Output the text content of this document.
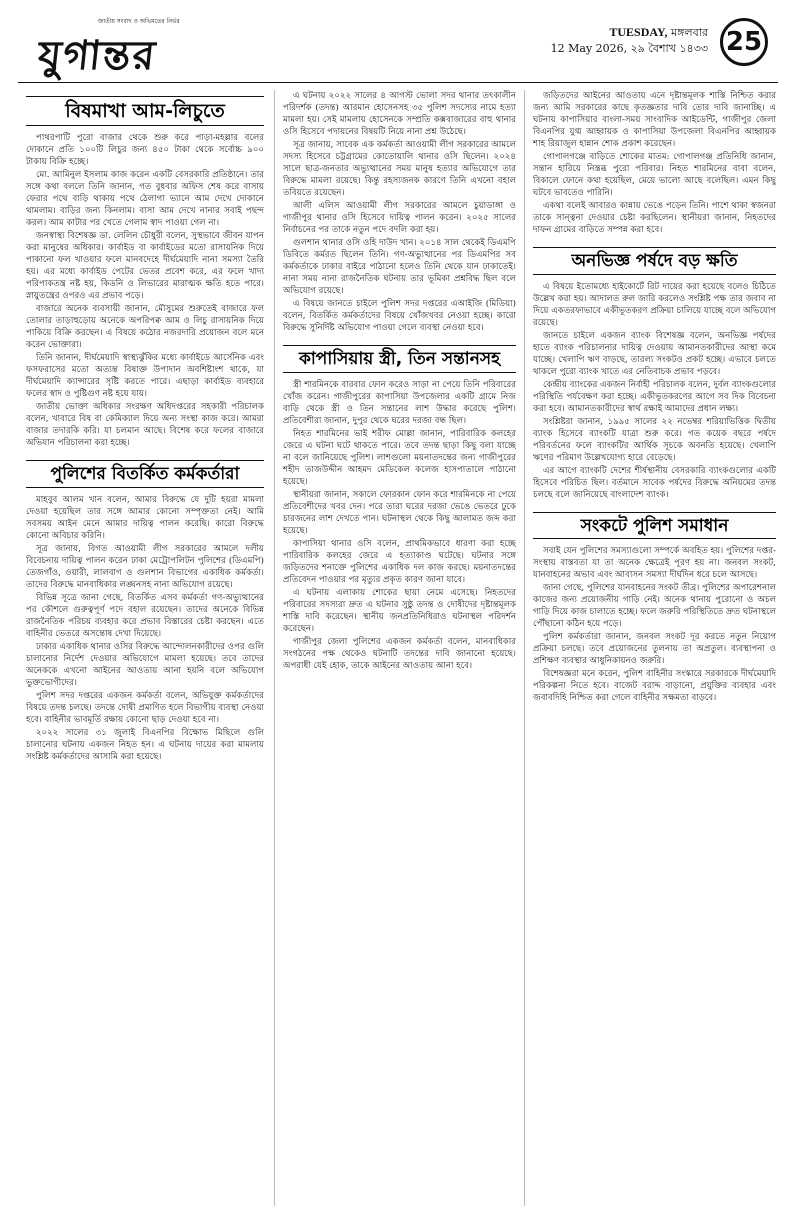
জাতীয় সংবাদ ও অভিমতের নির্ভর
যুগান্তর
TUESDAY, মঙ্গলবার
12 May 2026, ২৯ বৈশাখ ১৪৩৩ 25
বিষমাখা আম-লিচুতে

পাথরপাটি পুরো বাজার থেকে শুরু করে পাড়া-মহল্লার বলের দোকানে প্রতি ১০০টি লিচুর জন্য ৪৫০ টাকা থেকে সর্বোচ্চ ৯০০ টাকায় বিক্রি হচ্ছে।

মো. আমিনুল ইসলাম কাজ করেন একটি বেসরকারি প্রতিষ্ঠানে। তার সঙ্গে কথা বললে তিনি জানান, গত বুধবার অফিস শেষ করে বাসায় ফেরার পথে বাড়ি থাকায় পথে ঠেলাগা ভ্যানে আম দেখে দোকানে থামলাম। বাড়ির জন্য কিনলাম। বাসা আম দেখে নানার সবাই পছন্দ করল। আম কাটার পর খেতে গেলাম স্বাদ পাওয়া গেল না।

জনস্বাস্থ্য বিশেষজ্ঞ ডা. লেলিন চৌধুরী বলেন, সুস্থভাবে জীবন যাপন করা মানুষের অধিকার। কার্বাইড বা কার্বাইডের মতো রাসায়নিক দিয়ে পাকানো ফল খাওয়ার ফলে মানবদেহে দীর্ঘমেয়াদি নানা সমস্যা তৈরি হয়। এর মধ্যে কার্বাইড পেটের ভেতর প্রবেশ করে, এর ফলে খাদ্য পরিপাকতন্ত্র নষ্ট হয়, কিডনি ও লিভারের মারাত্মক ক্ষতি হতে পারে। স্নায়ুতন্ত্রের ওপরও এর প্রভাব পড়ে।

বাজারে অনেক ব্যবসায়ী জানান, মৌসুমের শুরুতেই বাজারে ফল তোলার তাড়াহুড়োয় অনেকে অপরিপক্ব আম ও লিচু রাসায়নিক দিয়ে পাকিয়ে বিক্রি করছেন। এ বিষয়ে কঠোর নজরদারি প্রয়োজন বলে মনে করেন ভোক্তারা।

তিনি জানান, দীর্ঘমেয়াদি স্বাস্থ্যঝুঁকির মধ্যে কার্বাইডে আর্সেনিক এবং ফসফরাসের মতো অত্যন্ত বিষাক্ত উপাদান অবশিষ্টাংশ থাকে, যা দীর্ঘমেয়াদি ক্যান্সারের সৃষ্টি করতে পারে। এছাড়া কার্বাইড ব্যবহারে ফলের স্বাদ ও পুষ্টিগুণ নষ্ট হয়ে যায়।

জাতীয় ভোক্তা অধিকার সংরক্ষণ অধিদপ্তরের সহকারী পরিচালক বলেন, খাবারে বিষ বা কেমিক্যাল দিয়ে অন্য সংস্থা কাজ করে। আমরা বাজার তদারকি করি। যা চলমান আছে। বিশেষ করে ফলের বাজারে অভিযান পরিচালনা করা হচ্ছে।

পুলিশের বিতর্কিত কর্মকর্তারা

মাহবুব আলম খান বলেন, আমার বিরুদ্ধে যে দুটি হয়রা মামলা দেওয়া হয়েছিল তার সঙ্গে আমার কোনো সম্পৃক্ততা নেই। আমি সবসময় আইন মেনে আমার দায়িত্ব পালন করেছি। কারো বিরুদ্ধে কোনো অবিচার করিনি।

সূত্র জানায়, বিগত আওয়ামী লীগ সরকারের আমলে দলীয় বিবেচনায় দায়িত্ব পালন করেন ঢাকা মেট্রোপলিটন পুলিশের (ডিএমপি) তেজগাঁও, ওয়ারী, লালবাগ ও গুলশান বিভাগের একাধিক কর্মকর্তা। তাদের বিরুদ্ধে মানবাধিকার লঙ্ঘনসহ নানা অভিযোগ রয়েছে।

বিভিন্ন সূত্রে জানা গেছে, বিতর্কিত এসব কর্মকর্তা গণ-অভ্যুত্থানের পর কৌশলে গুরুত্বপূর্ণ পদে বহাল রয়েছেন। তাদের অনেকে বিভিন্ন রাজনৈতিক পরিচয় ব্যবহার করে প্রভাব বিস্তারের চেষ্টা করছেন। এতে বাহিনীর ভেতরে অসন্তোষ দেখা দিয়েছে।

ঢাকার একাধিক থানার ওসির বিরুদ্ধে আন্দোলনকারীদের ওপর গুলি চালানোর নির্দেশ দেওয়ার অভিযোগে মামলা হয়েছে। তবে তাদের অনেককে এখনো আইনের আওতায় আনা হয়নি বলে অভিযোগ ভুক্তভোগীদের।

পুলিশ সদর দপ্তরের একজন কর্মকর্তা বলেন, অভিযুক্ত কর্মকর্তাদের বিষয়ে তদন্ত চলছে। তদন্তে দোষী প্রমাণিত হলে বিভাগীয় ব্যবস্থা নেওয়া হবে। বাহিনীর ভাবমূর্তি রক্ষায় কোনো ছাড় দেওয়া হবে না।

২০২২ সালের ৩১ জুলাই বিএনপির বিক্ষোভ মিছিলে গুলি চালানোর ঘটনায় একজন নিহত হন। এ ঘটনায় দায়ের করা মামলায় সংশ্লিষ্ট কর্মকর্তাদের আসামি করা হয়েছে।

এ ঘটনায় ২০২২ সালের ৪ আগস্ট ভোলা সদর থানার তৎকালীন পরিদর্শক (তদন্ত) আরমান হোসেনসহ ৩৫ পুলিশ সদস্যের নামে হত্যা মামলা হয়। সেই মামলায় হোসেনকে সম্প্রতি কক্সবাজারের বাহু থানার ওসি হিসেবে পদায়নের বিষয়টি নিয়ে নানা প্রশ্ন উঠেছে।

সূত্র জানায়, সাবেক এক কর্মকর্তা আওয়ামী লীগ সরকারের আমলে সদস্য হিসেবে চট্টগ্রামের কোতোয়ালি থানার ওসি ছিলেন। ২০২৪ সালে ছাত্র-জনতার অভ্যুত্থানের সময় মানুষ হত্যার অভিযোগে তার বিরুদ্ধে মামলা রয়েছে। কিন্তু রহস্যজনক কারণে তিনি এখনো বহাল তবিয়তে রয়েছেন।

আলী এলিস আওয়ামী লীগ সরকারের আমলে চুয়াডাঙ্গা ও গাজীপুর থানার ওসি হিসেবে দায়িত্ব পালন করেন। ২০২৫ সালের নির্বাচনের পর তাকে নতুন পদে বদলি করা হয়।

গুলশান থানার ওসি ওহি দাউদ খান। ২০১৪ সাল থেকেই ডিএমপি ডিবিতে কর্মরত ছিলেন তিনি। গণ-অভ্যুত্থানের পর ডিএমপির সব কর্মকর্তাকে ঢাকার বাইরে পাঠানো হলেও তিনি থেকে যান ঢাকাতেই। নানা সময় নানা রাজনৈতিক ঘটনায় তার ভূমিকা প্রশ্নবিদ্ধ ছিল বলে অভিযোগ রয়েছে।

এ বিষয়ে জানতে চাইলে পুলিশ সদর দপ্তরের এআইজি (মিডিয়া) বলেন, বিতর্কিত কর্মকর্তাদের বিষয়ে খোঁজখবর নেওয়া হচ্ছে। কারো বিরুদ্ধে সুনির্দিষ্ট অভিযোগ পাওয়া গেলে ব্যবস্থা নেওয়া হবে।

কাপাসিয়ায় স্ত্রী, তিন সন্তানসহ

স্ত্রী শারমিনকে বারবার ফোন করেও সাড়া না পেয়ে তিনি পরিবারের খোঁজ করেন। গাজীপুরের কাপাসিয়া উপজেলার একটি গ্রামে নিজ বাড়ি থেকে স্ত্রী ও তিন সন্তানের লাশ উদ্ধার করেছে পুলিশ। প্রতিবেশীরা জানান, দুপুর থেকে ঘরের দরজা বন্ধ ছিল।

নিহত শারমিনের ভাই শরীফ মোল্লা জানান, পারিবারিক কলহের জেরে এ ঘটনা ঘটে থাকতে পারে। তবে তদন্ত ছাড়া কিছু বলা যাচ্ছে না বলে জানিয়েছে পুলিশ। লাশগুলো ময়নাতদন্তের জন্য গাজীপুরের শহীদ তাজউদ্দীন আহমদ মেডিকেল কলেজ হাসপাতালে পাঠানো হয়েছে।

স্থানীয়রা জানান, সকালে ফোরকান ফোন করে শারমিনকে না পেয়ে প্রতিবেশীদের খবর দেন। পরে তারা ঘরের দরজা ভেঙে ভেতরে ঢুকে চারজনের লাশ দেখতে পান। ঘটনাস্থল থেকে কিছু আলামত জব্দ করা হয়েছে।

কাপাসিয়া থানার ওসি বলেন, প্রাথমিকভাবে ধারণা করা হচ্ছে পারিবারিক কলহের জেরে এ হত্যাকাণ্ড ঘটেছে। ঘটনার সঙ্গে জড়িতদের শনাক্তে পুলিশের একাধিক দল কাজ করছে। ময়নাতদন্তের প্রতিবেদন পাওয়ার পর মৃত্যুর প্রকৃত কারণ জানা যাবে।

এ ঘটনায় এলাকায় শোকের ছায়া নেমে এসেছে। নিহতদের পরিবারের সদস্যরা দ্রুত এ ঘটনার সুষ্ঠু তদন্ত ও দোষীদের দৃষ্টান্তমূলক শাস্তি দাবি করেছেন। স্থানীয় জনপ্রতিনিধিরাও ঘটনাস্থল পরিদর্শন করেছেন।

গাজীপুর জেলা পুলিশের একজন কর্মকর্তা বলেন, মানবাধিকার সংগঠনের পক্ষ থেকেও ঘটনাটি তদন্তের দাবি জানানো হয়েছে। অপরাধী যেই হোক, তাকে আইনের আওতায় আনা হবে।

জড়িতদের আইনের আওতায় এনে দৃষ্টান্তমূলক শাস্তি নিশ্চিত করার জন্য আমি সরকারের কাছে কৃতজ্ঞতার দাবি তোর দাবি জানাচ্ছি। এ ঘটনায় কাপাসিয়ার বাংলা-সময় সাংবাদিক আইডেন্টি, গাজীপুর জেলা বিএনপির যুগ্ম আহ্বায়ক ও কাপাসিয়া উপজেলা বিএনপির আহ্বায়ক শাহ রিয়াজুল হান্নান শোক প্রকাশ করেছেন।

গোপালগঞ্জে বাড়িতে শোকের মাতম: গোপালগঞ্জ প্রতিনিধি জানান, সন্তান হারিয়ে নিস্তব্ধ পুরো পরিবার। নিহত শারমিনের বাবা বলেন, বিকালে ফোনে কথা হয়েছিল, মেয়ে ভালো আছে বলেছিল। এমন কিছু ঘটবে ভাবতেও পারিনি।

একথা বলেই আবারও কান্নায় ভেঙে পড়েন তিনি। পাশে থাকা স্বজনরা তাকে সান্ত্বনা দেওয়ার চেষ্টা করছিলেন। স্থানীয়রা জানান, নিহতদের দাফন গ্রামের বাড়িতে সম্পন্ন করা হবে।

অনভিজ্ঞ পর্ষদে বড় ক্ষতি

এ বিষয়ে ইতোমধ্যে হাইকোর্টে রিট দায়ের করা হয়েছে বলেও চিঠিতে উল্লেখ করা হয়। আদালত রুল জারি করলেও সংশ্লিষ্ট পক্ষ তার জবাব না দিয়ে একতরফাভাবে একীভূতকরণ প্রক্রিয়া চালিয়ে যাচ্ছে বলে অভিযোগ রয়েছে।

জানতে চাইলে একজন ব্যাংক বিশেষজ্ঞ বলেন, অনভিজ্ঞ পর্ষদের হাতে ব্যাংক পরিচালনার দায়িত্ব দেওয়ায় আমানতকারীদের আস্থা কমে যাচ্ছে। খেলাপি ঋণ বাড়ছে, তারল্য সংকটও প্রকট হচ্ছে। এভাবে চলতে থাকলে পুরো ব্যাংক খাতে এর নেতিবাচক প্রভাব পড়বে।

কেন্দ্রীয় ব্যাংকের একজন নির্বাহী পরিচালক বলেন, দুর্বল ব্যাংকগুলোর পরিস্থিতি পর্যবেক্ষণ করা হচ্ছে। একীভূতকরণের আগে সব দিক বিবেচনা করা হবে। আমানতকারীদের স্বার্থ রক্ষাই আমাদের প্রধান লক্ষ্য।

সংশ্লিষ্টরা জানান, ১৯৯৫ সালের ২২ নভেম্বর শরিয়াভিত্তিক দ্বিতীয় ব্যাংক হিসেবে ব্যাংকটি যাত্রা শুরু করে। গত কয়েক বছরে পর্ষদে পরিবর্তনের ফলে ব্যাংকটির আর্থিক সূচকে অবনতি হয়েছে। খেলাপি ঋণের পরিমাণ উল্লেখযোগ্য হারে বেড়েছে।

এর আগে ব্যাংকটি দেশের শীর্ষস্থানীয় বেসরকারি ব্যাংকগুলোর একটি হিসেবে পরিচিত ছিল। বর্তমানে সাবেক পর্ষদের বিরুদ্ধে অনিয়মের তদন্ত চলছে বলে জানিয়েছে বাংলাদেশ ব্যাংক।

সংকটে পুলিশ সমাধান

সবাই যেন পুলিশের সমস্যাগুলো সম্পর্কে অবহিত হয়। পুলিশের দপ্তর-সংস্থায় বাস্তবতা যা তা অনেক ক্ষেত্রেই পূরণ হয় না। জনবল সংকট, যানবাহনের অভাব এবং আবাসন সমস্যা দীর্ঘদিন ধরে চলে আসছে।

জানা গেছে, পুলিশের যানবাহনের সংকট তীব্র। পুলিশের অপারেশনাল কাজের জন্য প্রয়োজনীয় গাড়ি নেই। অনেক থানায় পুরোনো ও অচল গাড়ি দিয়ে কাজ চালাতে হচ্ছে। ফলে জরুরি পরিস্থিতিতে দ্রুত ঘটনাস্থলে পৌঁছানো কঠিন হয়ে পড়ে।

পুলিশ কর্মকর্তারা জানান, জনবল সংকট দূর করতে নতুন নিয়োগ প্রক্রিয়া চলছে। তবে প্রয়োজনের তুলনায় তা অপ্রতুল। ব্যবস্থাপনা ও প্রশিক্ষণ ব্যবস্থার আধুনিকায়নও জরুরি।

বিশেষজ্ঞরা মনে করেন, পুলিশ বাহিনীর সংস্কারে সরকারকে দীর্ঘমেয়াদি পরিকল্পনা নিতে হবে। বাজেট বরাদ্দ বাড়ানো, প্রযুক্তির ব্যবহার এবং জবাবদিহি নিশ্চিত করা গেলে বাহিনীর সক্ষমতা বাড়বে।
